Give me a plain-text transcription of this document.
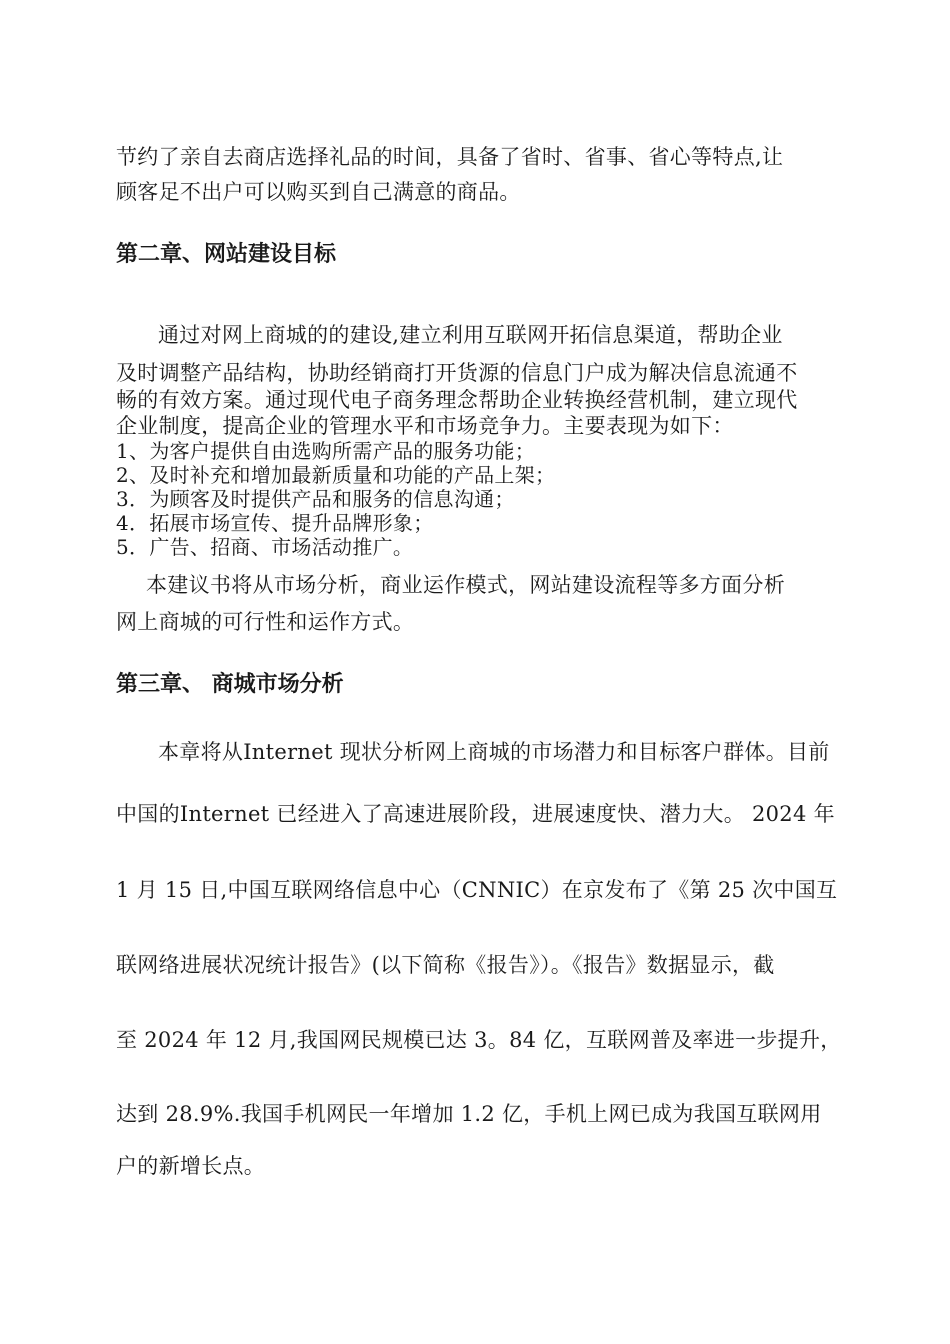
节约了亲自去商店选择礼品的时间，具备了省时、省事、省心等特点,让
顾客足不出户可以购买到自己满意的商品。
第二章、网站建设目标
通过对网上商城的的建设,建立利用互联网开拓信息渠道，帮助企业
及时调整产品结构，协助经销商打开货源的信息门户成为解决信息流通不
畅的有效方案。通过现代电子商务理念帮助企业转换经营机制，建立现代
企业制度，提高企业的管理水平和市场竞争力。主要表现为如下：
1、为客户提供自由选购所需产品的服务功能；
2、及时补充和增加最新质量和功能的产品上架；
3．为顾客及时提供产品和服务的信息沟通；
4．拓展市场宣传、提升品牌形象；
5．广告、招商、市场活动推广。
本建议书将从市场分析，商业运作模式，网站建设流程等多方面分析
网上商城的可行性和运作方式。
第三章、 商城市场分析
本章将从Internet 现状分析网上商城的市场潜力和目标客户群体。目前
中国的Internet 已经进入了高速进展阶段，进展速度快、潜力大。 2024 年
1 月 15 日,中国互联网络信息中心（CNNIC）在京发布了《第 25 次中国互
联网络进展状况统计报告》(以下简称《报告》）。《报告》数据显示，截
至 2024 年 12 月,我国网民规模已达 3。84 亿，互联网普及率进一步提升，
达到 28.9%.我国手机网民一年增加 1.2 亿，手机上网已成为我国互联网用
户的新增长点。
